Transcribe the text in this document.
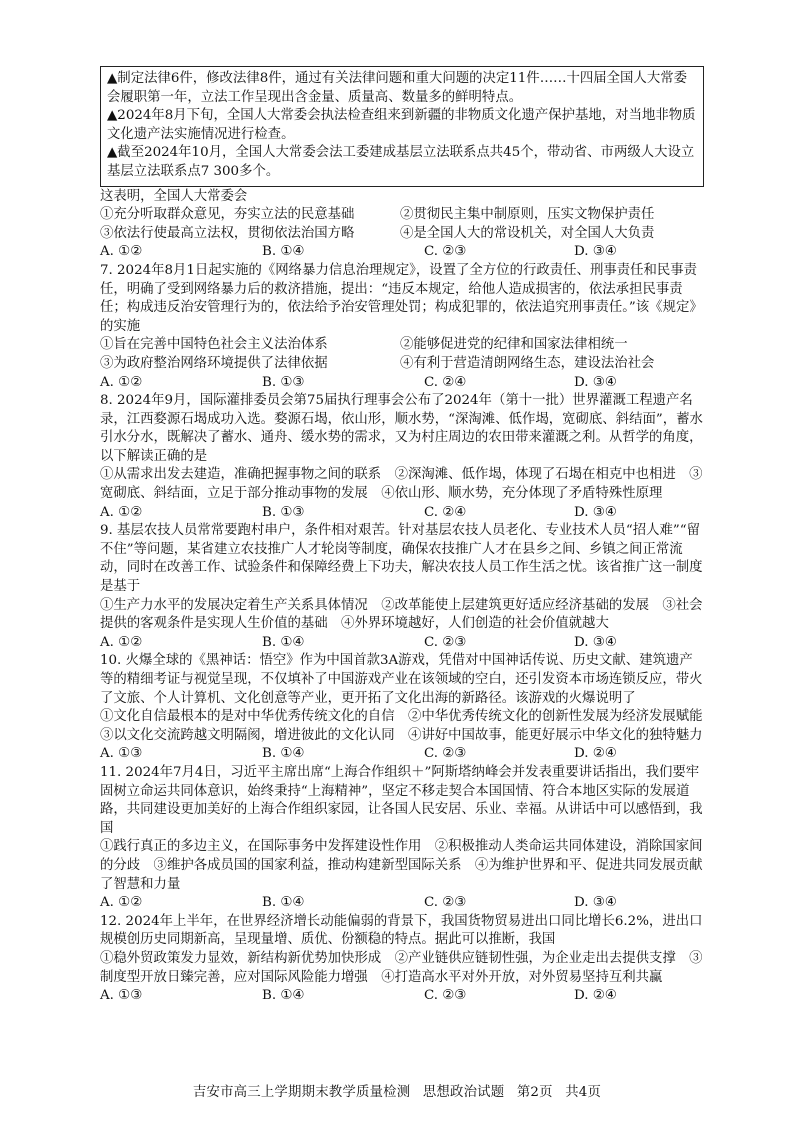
▲制定法律6件，修改法律8件，通过有关法律问题和重大问题的决定11件……十四届全国人大常委会履职第一年，立法工作呈现出含金量、质量高、数量多的鲜明特点。

▲2024年8月下旬，全国人大常委会执法检查组来到新疆的非物质文化遗产保护基地，对当地非物质文化遗产法实施情况进行检查。

▲截至2024年10月，全国人大常委会法工委建成基层立法联系点共45个，带动省、市两级人大设立基层立法联系点7 300多个。

这表明，全国人大常委会
①充分听取群众意见，夯实立法的民意基础	②贯彻民主集中制原则，压实文物保护责任
③依法行使最高立法权，贯彻依法治国方略	④是全国人大的常设机关，对全国人大负责
A. ①②	B. ①④	C. ②③	D. ③④
7. 2024年8月1日起实施的《网络暴力信息治理规定》，设置了全方位的行政责任、刑事责任和民事责任，明确了受到网络暴力后的救济措施，提出：“违反本规定，给他人造成损害的，依法承担民事责任；构成违反治安管理行为的，依法给予治安管理处罚；构成犯罪的，依法追究刑事责任。”该《规定》的实施
①旨在完善中国特色社会主义法治体系	②能够促进党的纪律和国家法律相统一
③为政府整治网络环境提供了法律依据	④有利于营造清朗网络生态，建设法治社会
A. ①②	B. ①③	C. ②④	D. ③④
8. 2024年9月，国际灌排委员会第75届执行理事会公布了2024年（第十一批）世界灌溉工程遗产名录，江西婺源石堨成功入选。婺源石堨，依山形，顺水势，“深淘滩、低作堨，宽砌底、斜结面”，蓄水引水分水，既解决了蓄水、通舟、缓水势的需求，又为村庄周边的农田带来灌溉之利。从哲学的角度，以下解读正确的是
①从需求出发去建造，准确把握事物之间的联系　②深淘滩、低作堨，体现了石堨在相克中也相进　③宽砌底、斜结面，立足于部分推动事物的发展　④依山形、顺水势，充分体现了矛盾特殊性原理
A. ①②	B. ①③	C. ②④	D. ③④
9. 基层农技人员常常要跑村串户，条件相对艰苦。针对基层农技人员老化、专业技术人员“招人难”“留不住”等问题，某省建立农技推广人才轮岗等制度，确保农技推广人才在县乡之间、乡镇之间正常流动，同时在改善工作、试验条件和保障经费上下功夫，解决农技人员工作生活之忧。该省推广这一制度是基于
①生产力水平的发展决定着生产关系具体情况　②改革能使上层建筑更好适应经济基础的发展　③社会提供的客观条件是实现人生价值的基础　④外界环境越好，人们创造的社会价值就越大
A. ①②	B. ①④	C. ②③	D. ③④
10. 火爆全球的《黑神话：悟空》作为中国首款3A游戏，凭借对中国神话传说、历史文献、建筑遗产等的精细考证与视觉呈现，不仅填补了中国游戏产业在该领域的空白，还引发资本市场连锁反应，带火了文旅、个人计算机、文化创意等产业，更开拓了文化出海的新路径。该游戏的火爆说明了
①文化自信最根本的是对中华优秀传统文化的自信　②中华优秀传统文化的创新性发展为经济发展赋能　③以文化交流跨越文明隔阂，增进彼此的文化认同　④讲好中国故事，能更好展示中华文化的独特魅力
A. ①③	B. ①④	C. ②③	D. ②④
11. 2024年7月4日，习近平主席出席“上海合作组织＋”阿斯塔纳峰会并发表重要讲话指出，我们要牢固树立命运共同体意识，始终秉持“上海精神”，坚定不移走契合本国国情、符合本地区实际的发展道路，共同建设更加美好的上海合作组织家园，让各国人民安居、乐业、幸福。从讲话中可以感悟到，我国
①践行真正的多边主义，在国际事务中发挥建设性作用　②积极推动人类命运共同体建设，消除国家间的分歧　③维护各成员国的国家利益，推动构建新型国际关系　④为维护世界和平、促进共同发展贡献了智慧和力量
A. ①②	B. ①④	C. ②③	D. ③④
12. 2024年上半年，在世界经济增长动能偏弱的背景下，我国货物贸易进出口同比增长6.2%，进出口规模创历史同期新高，呈现量增、质优、份额稳的特点。据此可以推断，我国
①稳外贸政策发力显效，新结构新优势加快形成　②产业链供应链韧性强，为企业走出去提供支撑　③制度型开放日臻完善，应对国际风险能力增强　④打造高水平对外开放，对外贸易坚持互利共赢
A. ①③	B. ①④	C. ②③	D. ②④
吉安市高三上学期期末教学质量检测 思想政治试题 第2页 共4页
